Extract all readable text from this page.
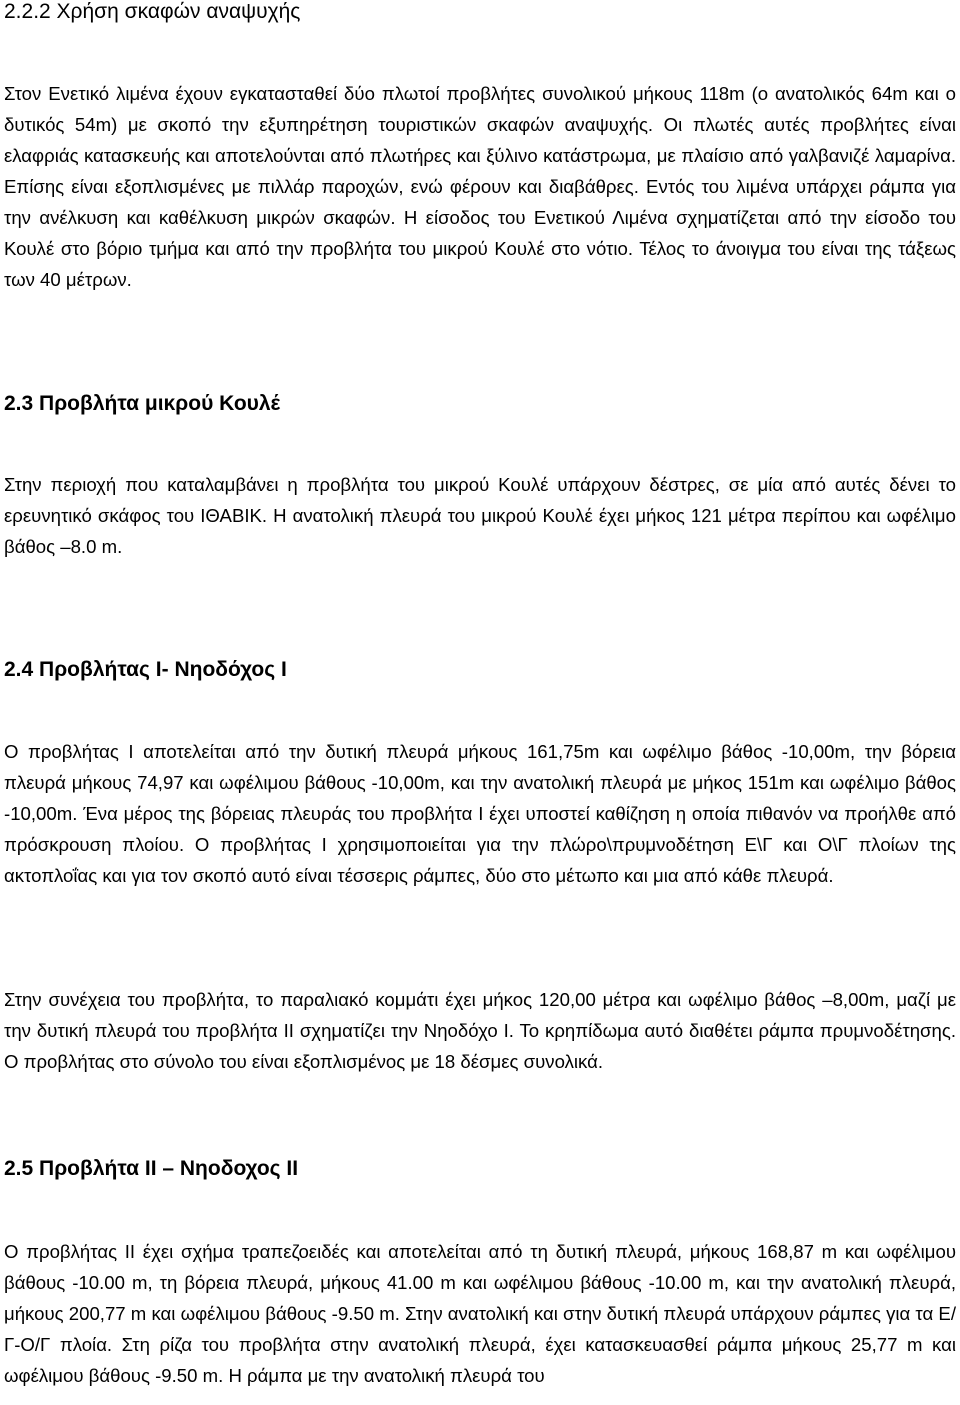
2.2.2 Χρήση σκαφών αναψυχής

Στον Ενετικό λιμένα έχουν εγκατασταθεί δύο πλωτοί προβλήτες συνολικού μήκους 118m (ο ανατολικός 64m και ο δυτικός 54m) με σκοπό την εξυπηρέτηση τουριστικών σκαφών αναψυχής. Οι πλωτές αυτές προβλήτες είναι ελαφριάς κατασκευής και αποτελούνται από πλωτήρες και ξύλινο κατάστρωμα, με πλαίσιο από γαλβανιζέ λαμαρίνα. Επίσης είναι εξοπλισμένες με πιλλάρ παροχών, ενώ φέρουν και διαβάθρες. Εντός του λιμένα υπάρχει ράμπα για την ανέλκυση και καθέλκυση μικρών σκαφών. Η είσοδος του Ενετικού Λιμένα σχηματίζεται από την είσοδο του Κουλέ στο βόριο τμήμα και από την προβλήτα του μικρού Κουλέ στο νότιο. Τέλος το άνοιγμα του είναι της τάξεως των 40 μέτρων.

2.3 Προβλήτα μικρού Κουλέ

Στην περιοχή που καταλαμβάνει η προβλήτα του μικρού Κουλέ υπάρχουν δέστρες, σε μία από αυτές δένει το ερευνητικό σκάφος του ΙΘΑΒΙΚ. Η ανατολική πλευρά του μικρού Κουλέ έχει μήκος 121 μέτρα περίπου και ωφέλιμο βάθος –8.0 m.

2.4 Προβλήτας Ι- Νηοδόχος Ι

Ο προβλήτας Ι αποτελείται από την δυτική πλευρά μήκους 161,75m και ωφέλιμο βάθος -10,00m, την βόρεια πλευρά μήκους 74,97 και ωφέλιμου βάθους -10,00m, και την ανατολική πλευρά με μήκος 151m και ωφέλιμο βάθος -10,00m. Ένα μέρος της βόρειας πλευράς του προβλήτα Ι έχει υποστεί καθίζηση η οποία πιθανόν να προήλθε από πρόσκρουση πλοίου. Ο προβλήτας Ι χρησιμοποιείται για την πλώρο\πρυμνοδέτηση Ε\Γ και Ο\Γ πλοίων της ακτοπλοΐας και για τον σκοπό αυτό είναι τέσσερις ράμπες, δύο στο μέτωπο και μια από κάθε πλευρά.

Στην συνέχεια του προβλήτα, το παραλιακό κομμάτι έχει μήκος 120,00 μέτρα και ωφέλιμο βάθος –8,00m, μαζί με την δυτική πλευρά του προβλήτα ΙΙ σχηματίζει την Νηοδόχο Ι. Το κρηπίδωμα αυτό διαθέτει ράμπα πρυμνοδέτησης. Ο προβλήτας στο σύνολο του είναι εξοπλισμένος με 18 δέσμες συνολικά.

2.5 Προβλήτα ΙΙ – Νηοδοχος ΙΙ

Ο προβλήτας ΙΙ έχει σχήμα τραπεζοειδές και αποτελείται από τη δυτική πλευρά, μήκους 168,87 m και ωφέλιμου βάθους -10.00 m, τη βόρεια πλευρά, μήκους 41.00 m και ωφέλιμου βάθους -10.00 m, και την ανατολική πλευρά, μήκους 200,77 m και ωφέλιμου βάθους -9.50 m. Στην ανατολική και στην δυτική πλευρά υπάρχουν ράμπες για τα Ε/Γ-Ο/Γ πλοία. Στη ρίζα του προβλήτα στην ανατολική πλευρά, έχει κατασκευασθεί ράμπα μήκους 25,77 m και ωφέλιμου βάθους -9.50 m. Η ράμπα με την ανατολική πλευρά του
